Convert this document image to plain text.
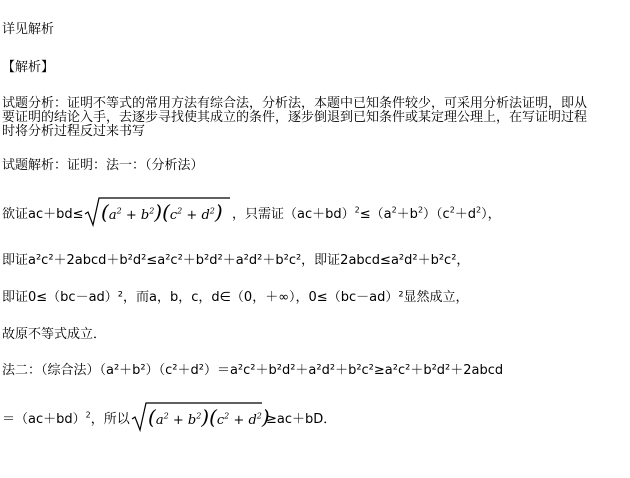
详见解析
【解析】
试题分析：证明不等式的常用方法有综合法，分析法，本题中已知条件较少，可采用分析法证明，即从
要证明的结论入手，去逐步寻找使其成立的条件，逐步倒退到已知条件或某定理公理上，在写证明过程
时将分析过程反过来书写
试题解析：证明：法一：（分析法）
欲证$ac+bd\le (a^2 + b^2)(c^2 + d^2)$ ，只需证$(ac+bd)^2\le(a^2+b^2)(c^2+d^2)$，
即证a²c²＋2abcd＋b²d²≤a²c²＋b²d²＋a²d²＋b²c²，即证2abcd≤a²d²＋b²c²，
即证0≤（bc－ad）²，而a，b，c，d∈（0，＋∞），0≤（bc－ad）²显然成立，
故原不等式成立．
法二：（综合法）（a²＋b²）（c²＋d²）＝a²c²＋b²d²＋a²d²＋b²c²≥a²c²＋b²d²＋2abcd
$=(ac+bd)^2$，所以 $(a^2 + b^2)(c^2 + d^2)$
≥ac＋bD．
